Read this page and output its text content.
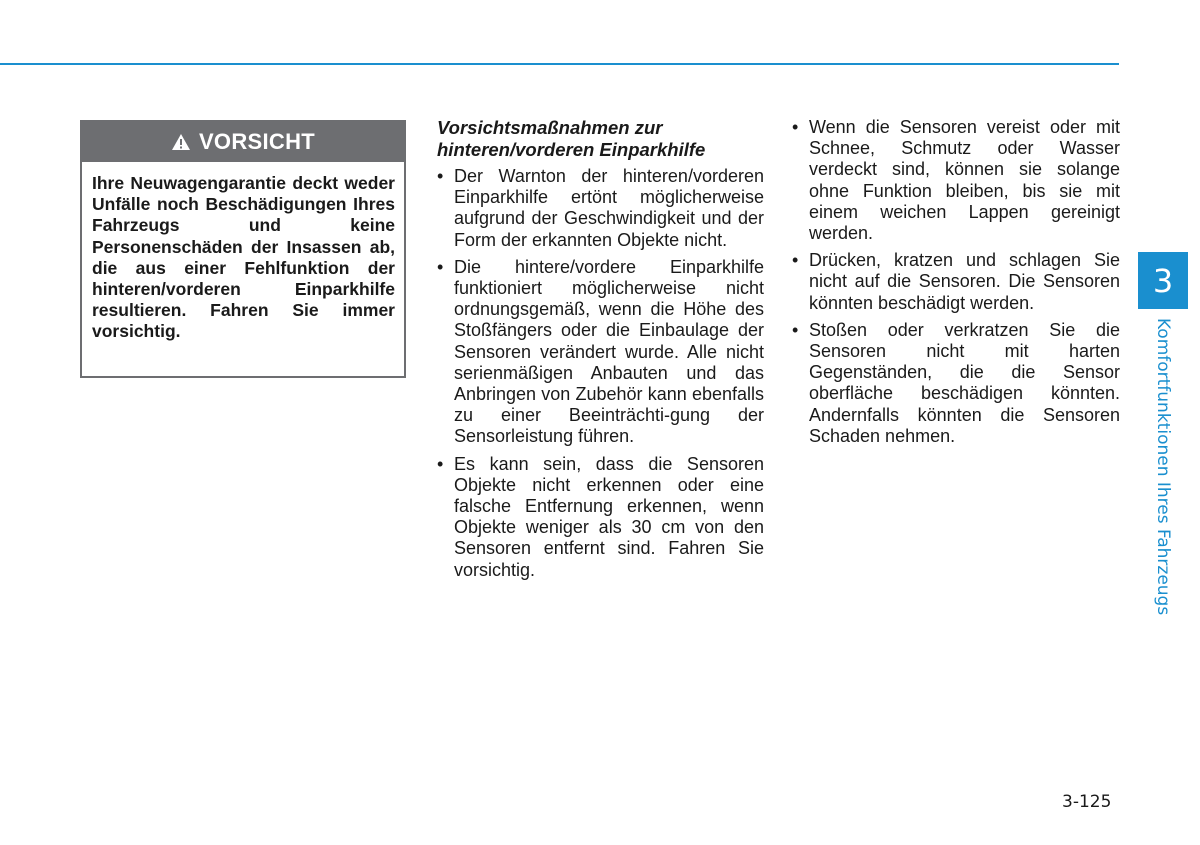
VORSICHT
Ihre Neuwagengarantie deckt weder Unfälle noch Beschädigungen Ihres Fahrzeugs und keine Personenschäden der Insassen ab, die aus einer Fehlfunktion der hinteren/vorderen Einparkhilfe resultieren. Fahren Sie immer vorsichtig.
Vorsichtsmaßnahmen zur
hinteren/vorderen Einparkhilfe
• Der Warnton der hinteren/vorderen Einparkhilfe ertönt möglicherweise aufgrund der Geschwindigkeit und der Form der erkannten Objekte nicht.
• Die hintere/vordere Einparkhilfe funktioniert möglicherweise nicht ordnungsgemäß, wenn die Höhe des Stoßfängers oder die Einbaulage der Sensoren verändert wurde. Alle nicht serienmäßigen Anbauten und das Anbringen von Zubehör kann ebenfalls zu einer Beeinträchti-gung der Sensorleistung führen.
• Es kann sein, dass die Sensoren Objekte nicht erkennen oder eine falsche Entfernung erkennen, wenn Objekte weniger als 30 cm von den Sensoren entfernt sind. Fahren Sie vorsichtig.
• Wenn die Sensoren vereist oder mit Schnee, Schmutz oder Wasser verdeckt sind, können sie solange ohne Funktion bleiben, bis sie mit einem weichen Lappen gereinigt werden.
• Drücken, kratzen und schlagen Sie nicht auf die Sensoren. Die Sensoren könnten beschädigt werden.
• Stoßen oder verkratzen Sie die Sensoren nicht mit harten Gegenständen, die die Sensor oberfläche beschädigen könnten. Andernfalls könnten die Sensoren Schaden nehmen.
3
Komfortfunktionen Ihres Fahrzeugs
3-125
